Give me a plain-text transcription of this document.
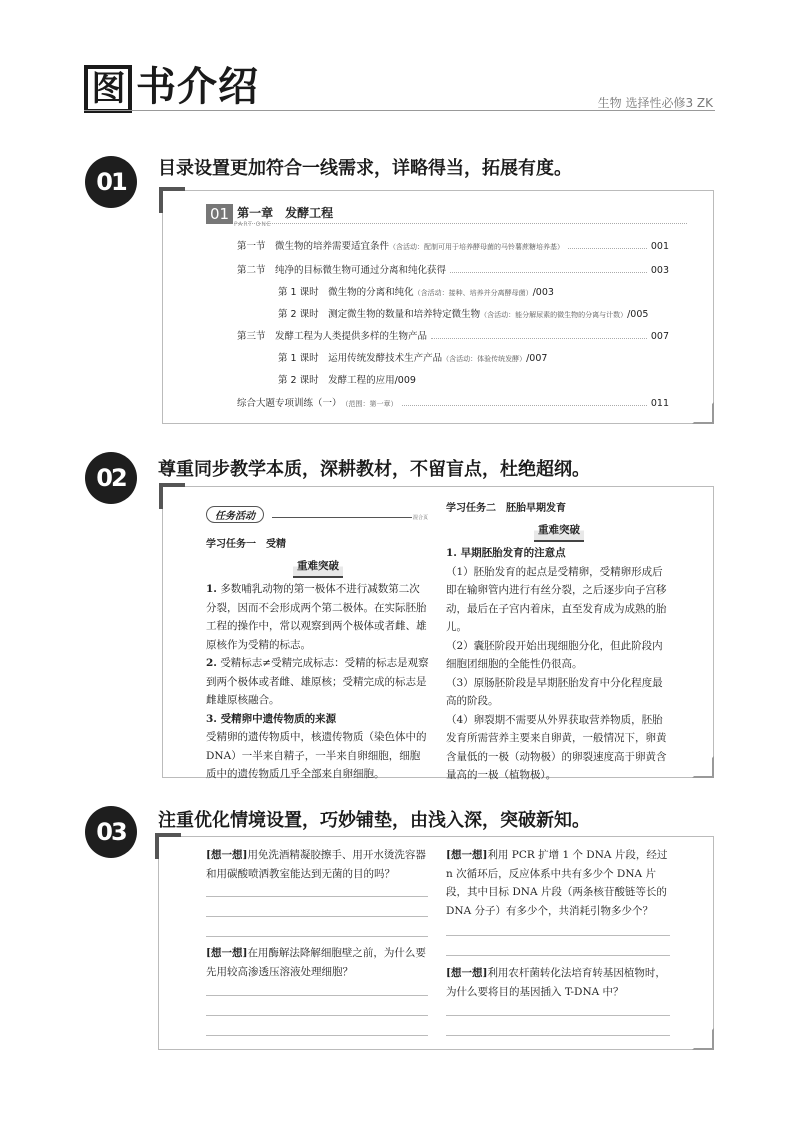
图 书介绍	生物 选择性必修3 ZK
01	目录设置更加符合一线需求，详略得当，拓展有度。
01 $^{第一章 发酵工程}$
PART ONE
第一节　微生物的培养需要适宜条件 （含活动：配制可用于培养酵母菌的马铃薯蔗糖培养基）	001
第二节　纯净的目标微生物可通过分离和纯化获得	003
第 1 课时　微生物的分离和纯化 （含活动：接种、培养并分离酵母菌） /003
第 2 课时　测定微生物的数量和培养特定微生物 （含活动：能分解尿素的微生物的分离与计数） /005
第三节　发酵工程为人类提供多样的生物产品	007
第 1 课时　运用传统发酵技术生产产品 （含活动：体验传统发酵） /007
第 2 课时　发酵工程的应用 /009
综合大题专项训练（一） （范围：第一章）	011
02	尊重同步教学本质，深耕教材，不留盲点，杜绝超纲。
任务活动	混合页
学习任务一　受精
重难突破
1. 多数哺乳动物的第一极体不进行减数第二次分裂，因而不会形成两个第二极体。在实际胚胎工程的操作中，常以观察到两个极体或者雌、雄原核作为受精的标志。
2. 受精标志≠受精完成标志：受精的标志是观察到两个极体或者雌、雄原核；受精完成的标志是雌雄原核融合。
3. 受精卵中遗传物质的来源
受精卵的遗传物质中，核遗传物质（染色体中的DNA）一半来自精子，一半来自卵细胞，细胞质中的遗传物质几乎全部来自卵细胞。
学习任务二　胚胎早期发育
重难突破
1. 早期胚胎发育的注意点
（1）胚胎发育的起点是受精卵，受精卵形成后即在输卵管内进行有丝分裂，之后逐步向子宫移动，最后在子宫内着床，直至发育成为成熟的胎儿。
（2）囊胚阶段开始出现细胞分化，但此阶段内细胞团细胞的全能性仍很高。
（3）原肠胚阶段是早期胚胎发育中分化程度最高的阶段。
（4）卵裂期不需要从外界获取营养物质，胚胎发育所需营养主要来自卵黄，一般情况下，卵黄含量低的一极（动物极）的卵裂速度高于卵黄含量高的一极（植物极）。
03	注重优化情境设置，巧妙铺垫，由浅入深，突破新知。
[想一想]用免洗酒精凝胶擦手、用开水烫洗容器和用碳酸喷洒教室能达到无菌的目的吗？
[想一想]在用酶解法降解细胞壁之前，为什么要先用较高渗透压溶液处理细胞？
[想一想]利用 PCR 扩增 1 个 DNA 片段，经过 n 次循环后，反应体系中共有多少个 DNA 片段，其中目标 DNA 片段（两条核苷酸链等长的 DNA 分子）有多少个，共消耗引物多少个？
[想一想]利用农杆菌转化法培育转基因植物时，为什么要将目的基因插入 T-DNA 中？
